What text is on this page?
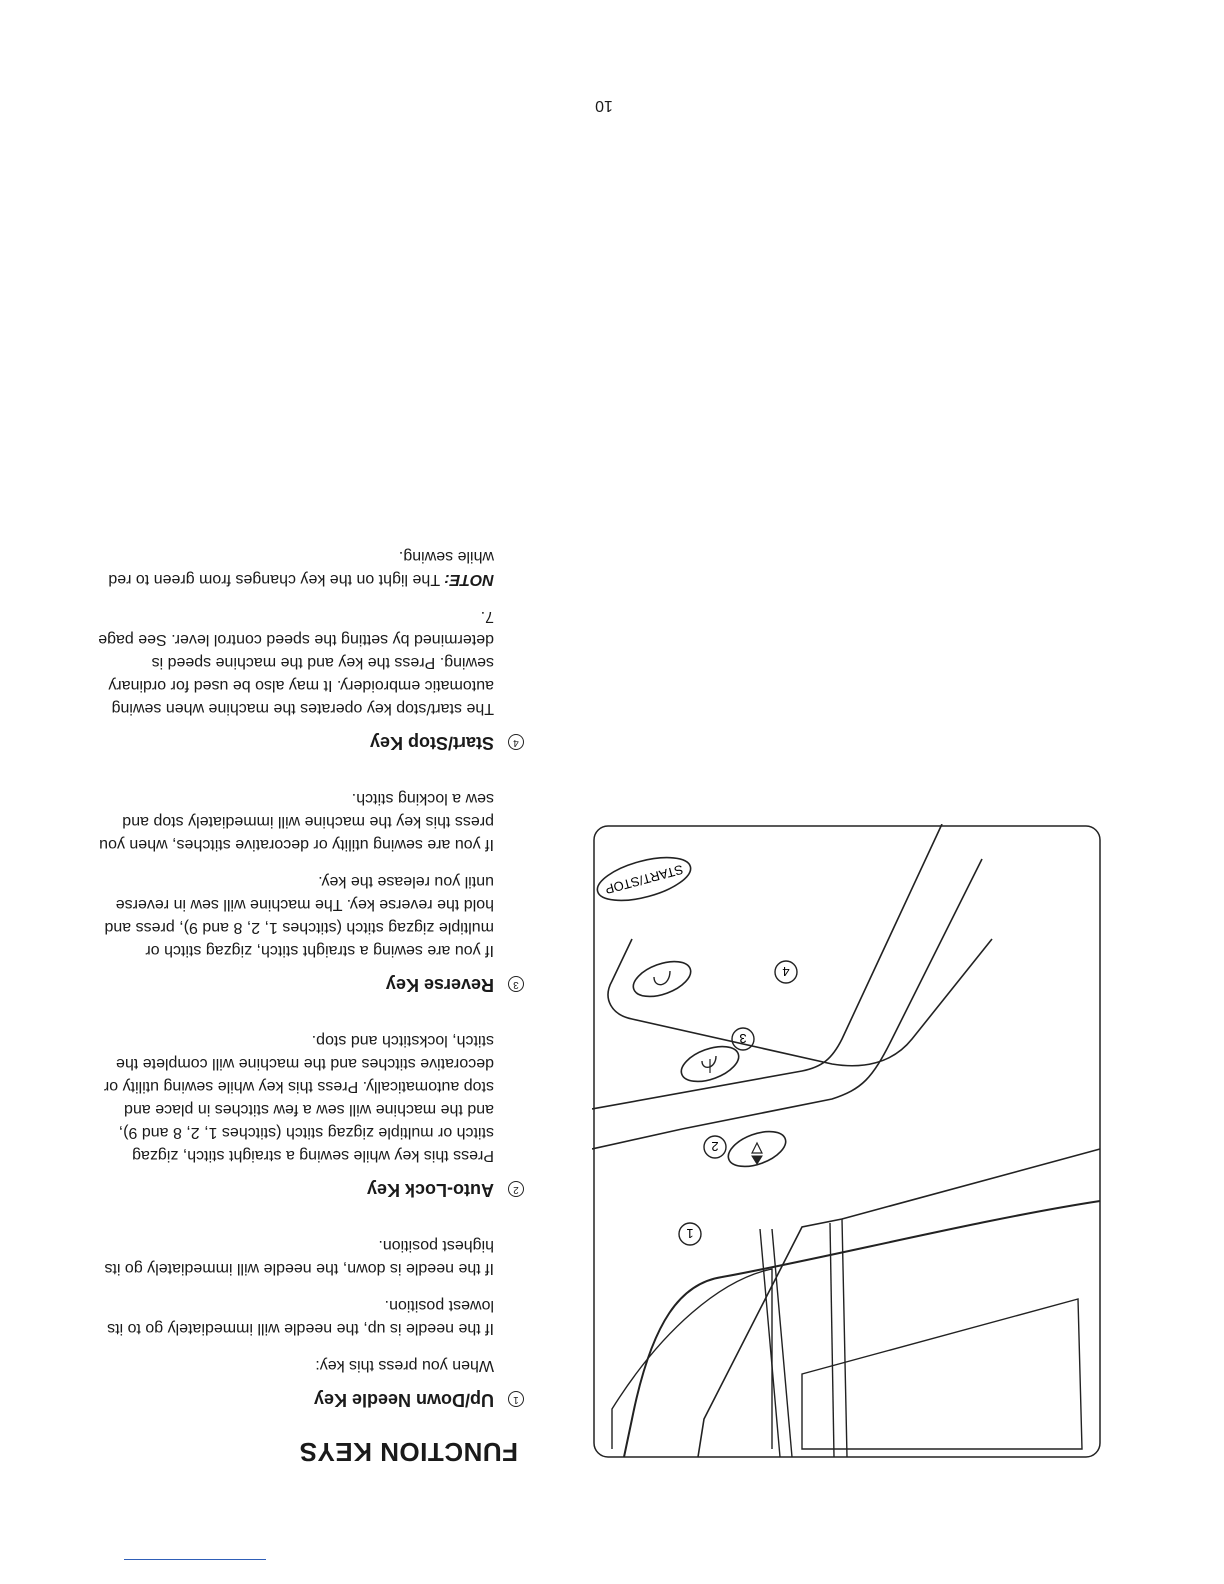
FUNCTION KEYS
1
Up/Down Needle Key
When you press this key:
If the needle is up, the needle will immediately go to its lowest position.
If the needle is down, the needle will immediately go its highest position.
2
Auto-Lock Key
Press this key while sewing a straight stitch, zigzag stitch or multiple zigzag stitch (stitches 1, 2, 8 and 9), and the machine will sew a few stitches in place and stop automatically. Press this key while sewing utility or decorative stitches and the machine will complete the stitch, lockstitch and stop.
3
Reverse Key
If you are sewing a straight stitch, zigzag stitch or multiple zigzag stitch (stitches 1, 2, 8 and 9), press and hold the reverse key. The machine will sew in reverse until you release the key.
If you are sewing utility or decorative stitches, when you press this key the machine will immediately stop and sew a locking stitch.
4
Start/Stop Key
The start/stop key operates the machine when sewing automatic embroidery. It may also be used for ordinary sewing. Press the key and the machine speed is determined by setting the speed control lever. See page 7.
NOTE: The light on the key changes from green to red while sewing.
START/STOP
1
2
3
4
10
